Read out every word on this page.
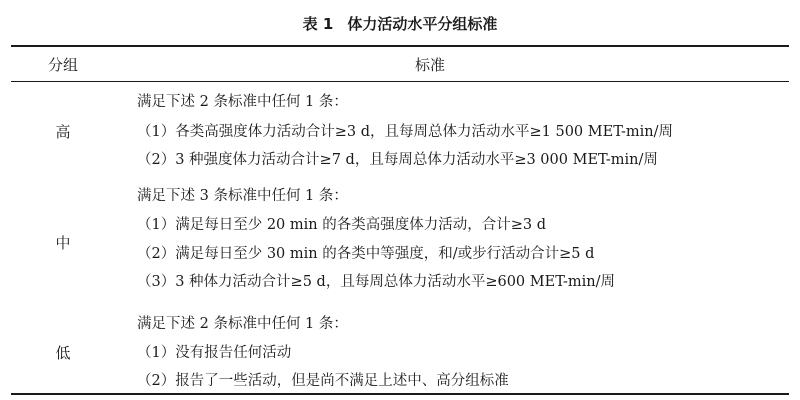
表 1 体力活动水平分组标准
分组	标准
高
满足下述 2 条标准中任何 1 条：
（1）各类高强度体力活动合计≥3 d，且每周总体力活动水平≥1 500 MET-min/周
（2）3 种强度体力活动合计≥7 d，且每周总体力活动水平≥3 000 MET-min/周
中
满足下述 3 条标准中任何 1 条：
（1）满足每日至少 20 min 的各类高强度体力活动，合计≥3 d
（2）满足每日至少 30 min 的各类中等强度，和/或步行活动合计≥5 d
（3）3 种体力活动合计≥5 d，且每周总体力活动水平≥600 MET-min/周
低
满足下述 2 条标准中任何 1 条：
（1）没有报告任何活动
（2）报告了一些活动，但是尚不满足上述中、高分组标准
